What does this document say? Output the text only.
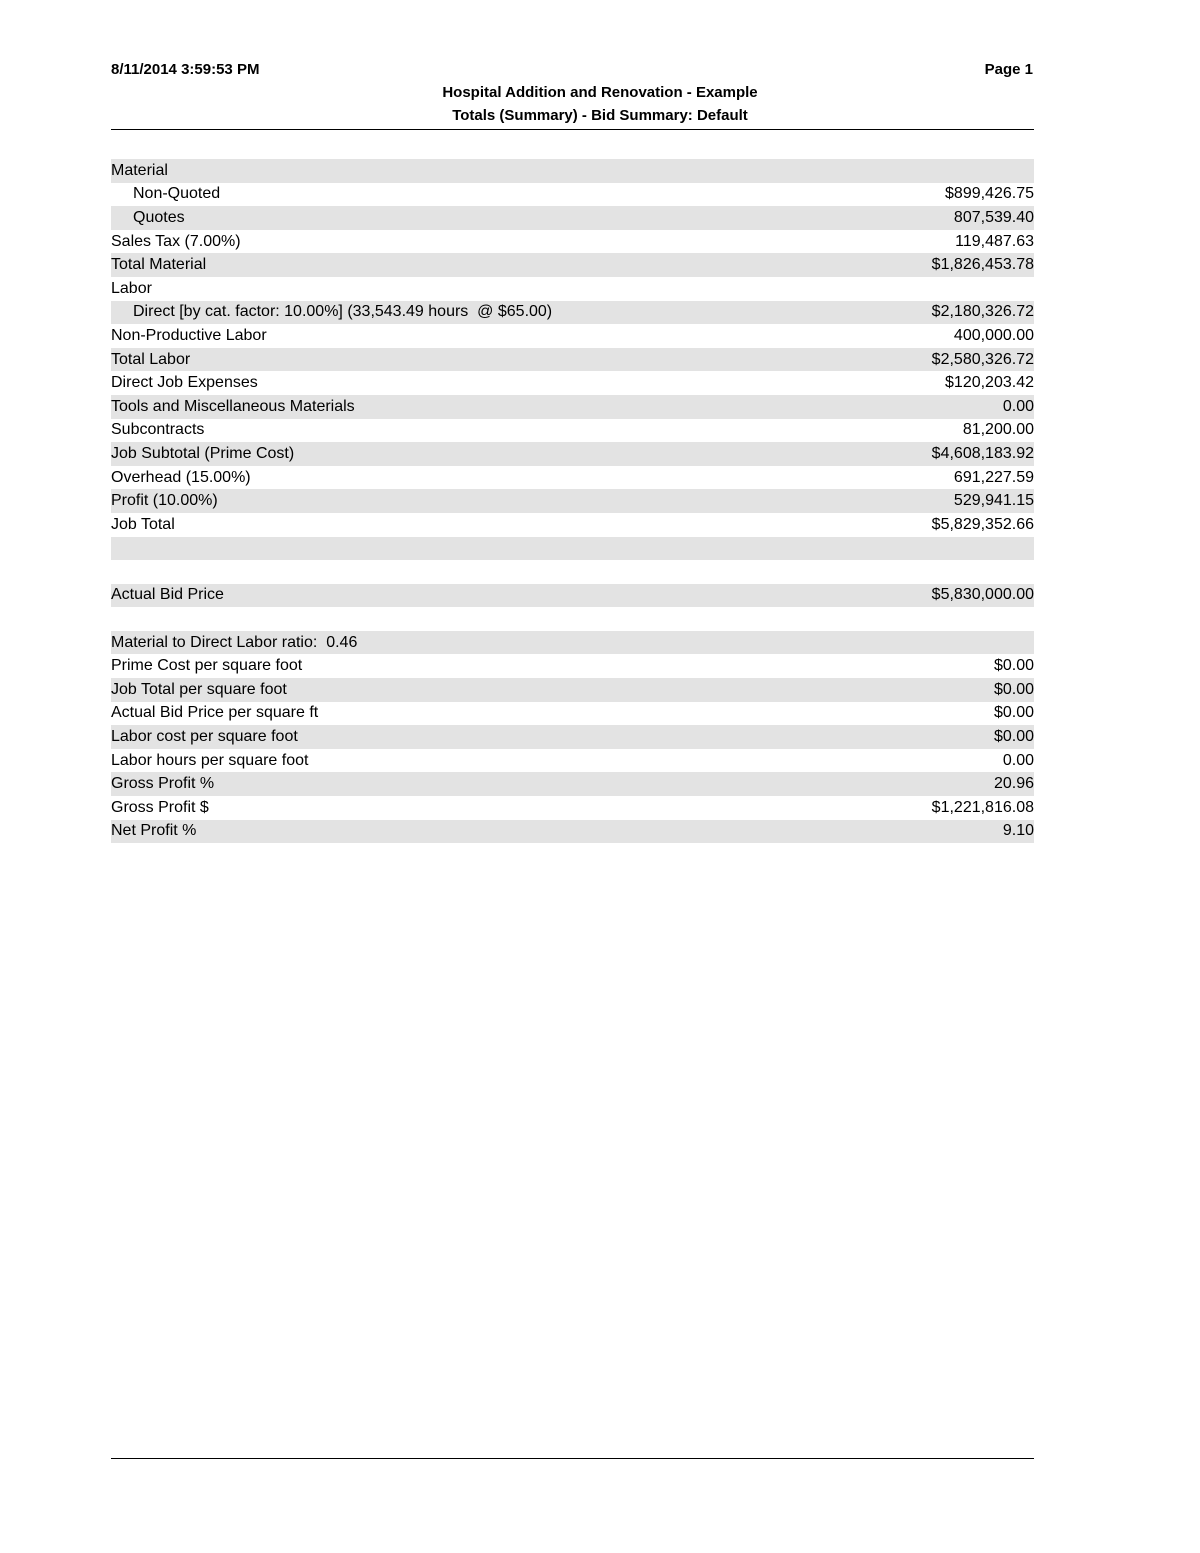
8/11/2014 3:59:53 PM	Page 1
Hospital Addition and Renovation - Example
Totals (Summary) - Bid Summary: Default
Material
Non-Quoted	$899,426.75
Quotes	807,539.40
Sales Tax (7.00%)	119,487.63
Total Material	$1,826,453.78
Labor
Direct [by cat. factor: 10.00%] (33,543.49 hours  @ $65.00)	$2,180,326.72
Non-Productive Labor	400,000.00
Total Labor	$2,580,326.72
Direct Job Expenses	$120,203.42
Tools and Miscellaneous Materials	0.00
Subcontracts	81,200.00
Job Subtotal (Prime Cost)	$4,608,183.92
Overhead (15.00%)	691,227.59
Profit (10.00%)	529,941.15
Job Total	$5,829,352.66
Actual Bid Price	$5,830,000.00
Material to Direct Labor ratio:  0.46
Prime Cost per square foot	$0.00
Job Total per square foot	$0.00
Actual Bid Price per square ft	$0.00
Labor cost per square foot	$0.00
Labor hours per square foot	0.00
Gross Profit %	20.96
Gross Profit $	$1,221,816.08
Net Profit %	9.10
